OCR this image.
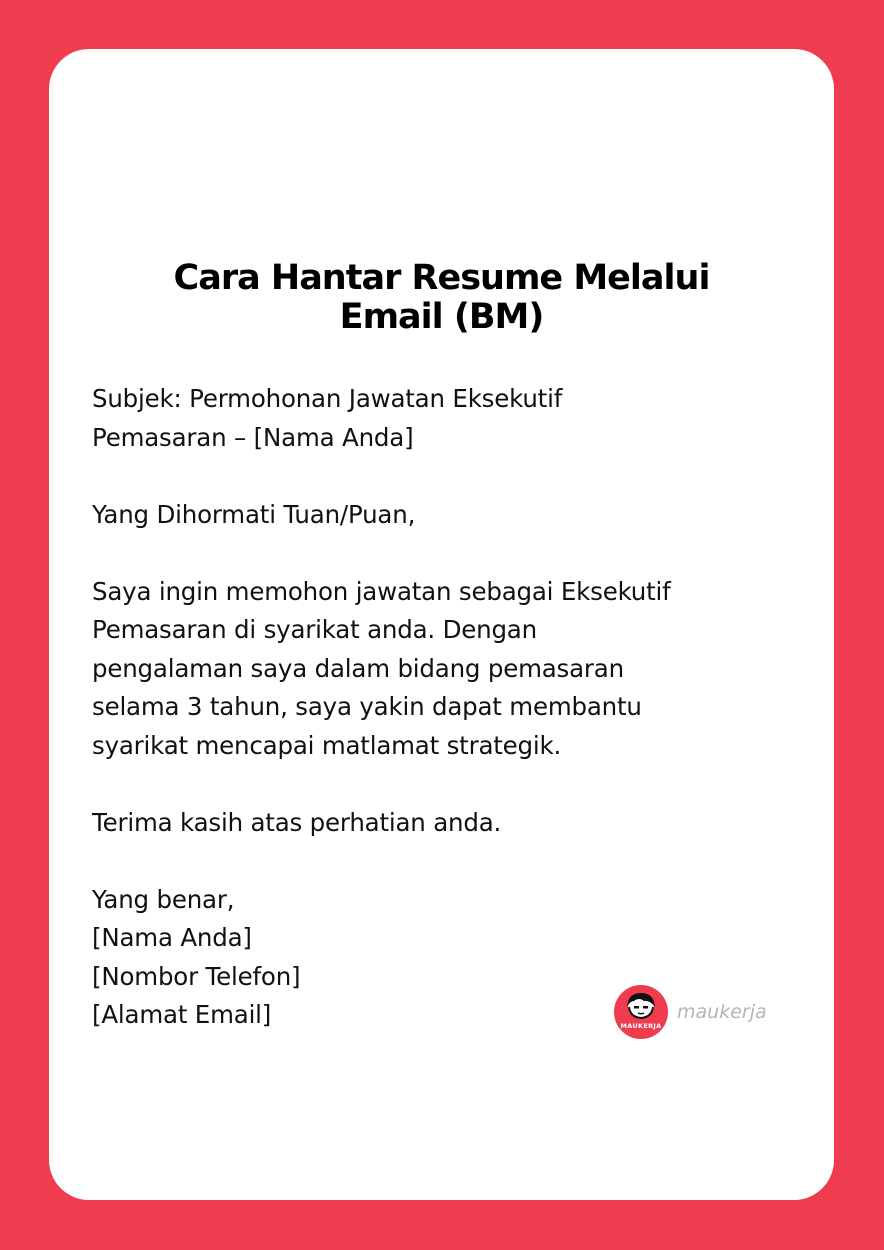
Cara Hantar Resume Melalui
Email (BM)

Subjek: Permohonan Jawatan Eksekutif
Pemasaran – [Nama Anda]

Yang Dihormati Tuan/Puan,

Saya ingin memohon jawatan sebagai Eksekutif
Pemasaran di syarikat anda. Dengan
pengalaman saya dalam bidang pemasaran
selama 3 tahun, saya yakin dapat membantu
syarikat mencapai matlamat strategik.

Terima kasih atas perhatian anda.

Yang benar,
[Nama Anda]
[Nombor Telefon]
[Alamat Email]	MAUKERJA
maukerja
